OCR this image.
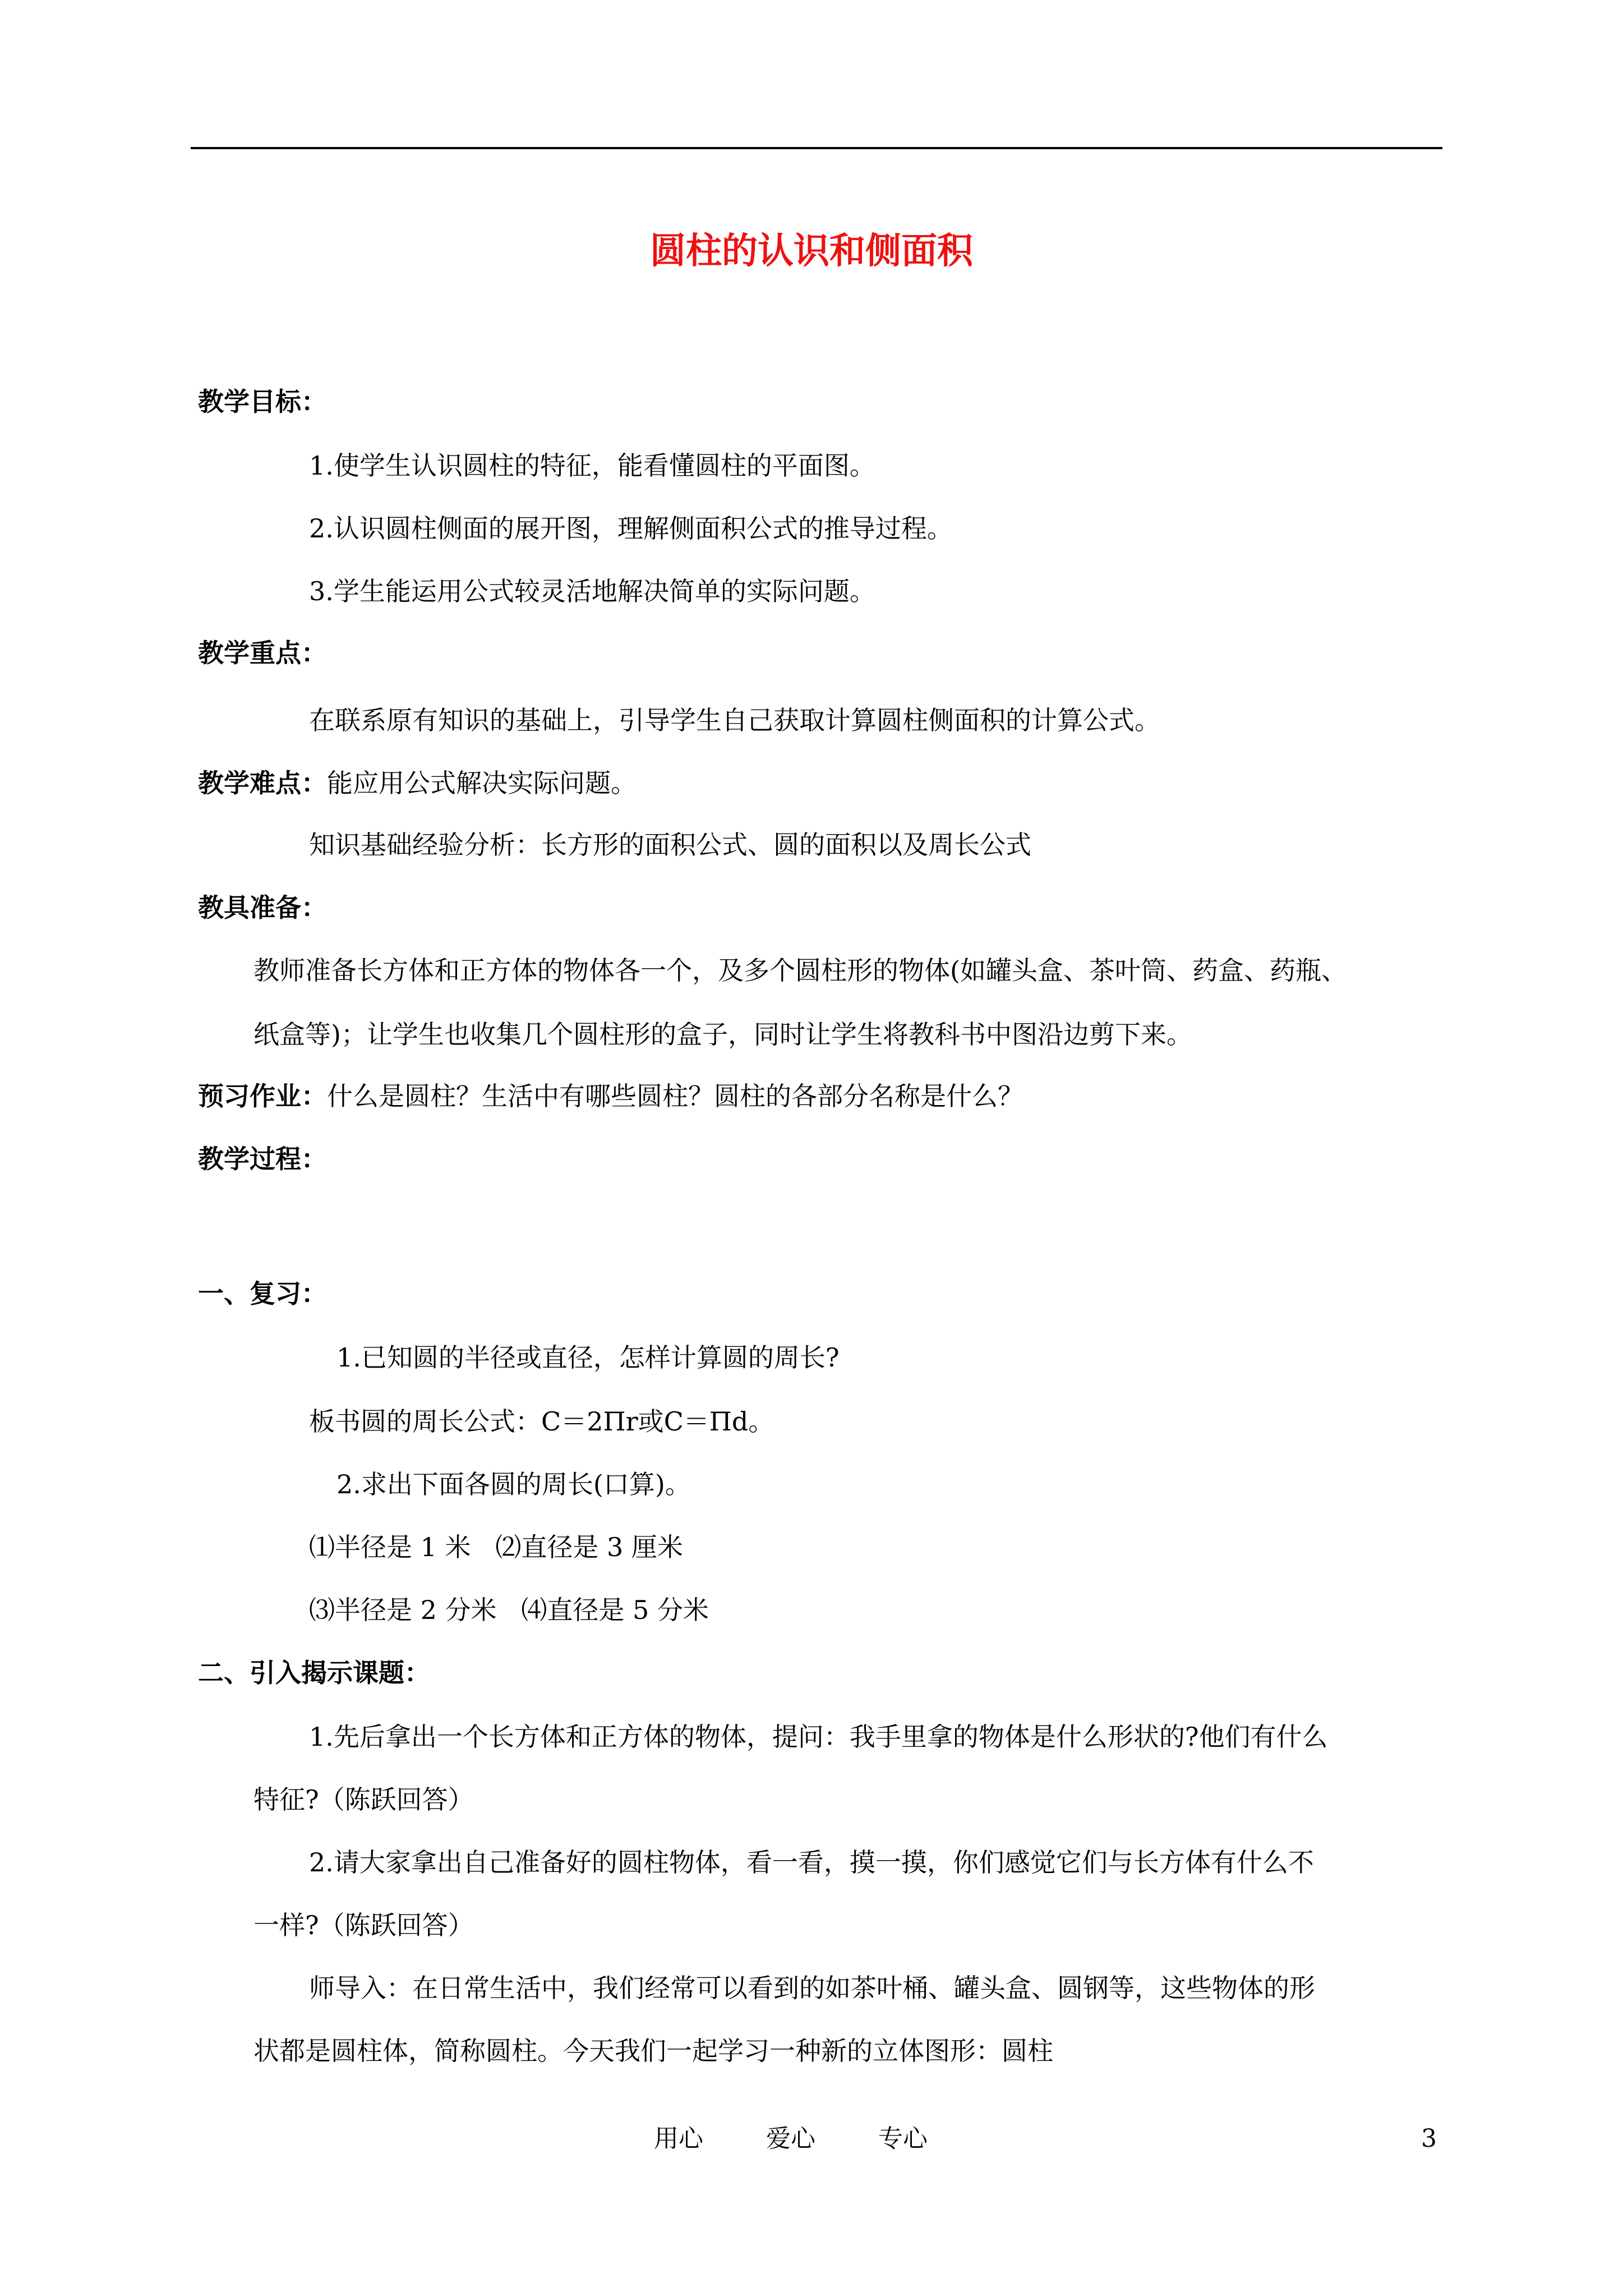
圆柱的认识和侧面积
教学目标：
1.使学生认识圆柱的特征，能看懂圆柱的平面图。
2.认识圆柱侧面的展开图，理解侧面积公式的推导过程。
3.学生能运用公式较灵活地解决简单的实际问题。
教学重点：
在联系原有知识的基础上，引导学生自己获取计算圆柱侧面积的计算公式。
教学难点：能应用公式解决实际问题。
知识基础经验分析：长方形的面积公式、圆的面积以及周长公式
教具准备：
教师准备长方体和正方体的物体各一个，及多个圆柱形的物体(如罐头盒、茶叶筒、药盒、药瓶、
纸盒等)；让学生也收集几个圆柱形的盒子，同时让学生将教科书中图沿边剪下来。
预习作业：什么是圆柱？生活中有哪些圆柱？圆柱的各部分名称是什么？
教学过程：
一、复习：
1.已知圆的半径或直径，怎样计算圆的周长?
板书圆的周长公式：C＝2Пr或C＝Пd。
2.求出下面各圆的周长(口算)。
⑴半径是 1 米   ⑵直径是 3 厘米
⑶半径是 2 分米   ⑷直径是 5 分米
二、引入揭示课题：
1.先后拿出一个长方体和正方体的物体，提问：我手里拿的物体是什么形状的?他们有什么
特征?（陈跃回答）
2.请大家拿出自己准备好的圆柱物体，看一看，摸一摸，你们感觉它们与长方体有什么不
一样?（陈跃回答）
师导入：在日常生活中，我们经常可以看到的如茶叶桶、罐头盒、圆钢等，这些物体的形
状都是圆柱体，简称圆柱。今天我们一起学习一种新的立体图形：圆柱
用心	爱心	专心	3
